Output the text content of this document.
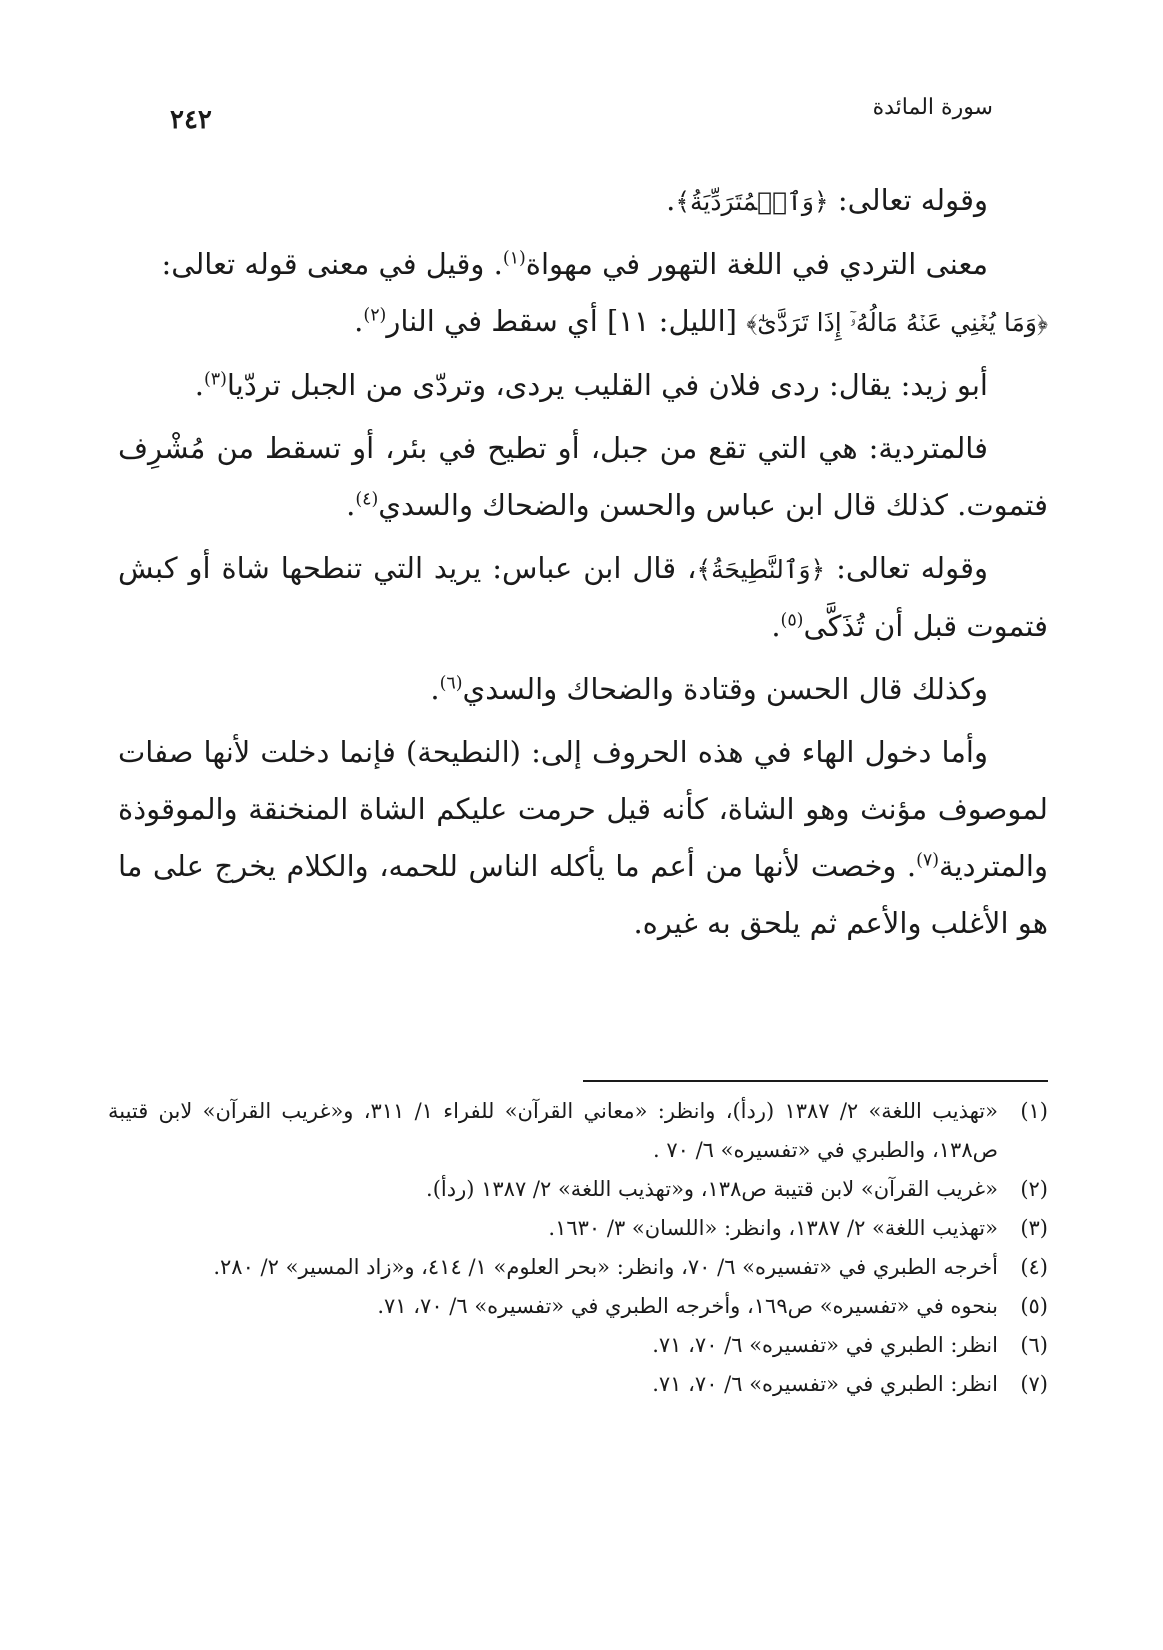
سورة المائدة
٢٤٢

وقوله تعالى: ﴿وَٱلۡمُتَرَدِّيَةُ﴾.

معنى التردي في اللغة التهور في مهواة$^{(١)}$. وقيل في معنى قوله تعالى:
﴿وَمَا يُغۡنِي عَنۡهُ مَالُهُۥٓ إِذَا تَرَدَّىٰٓ﴾ [الليل: ١١] أي سقط في النار$^{(٢)}$.

أبو زيد: يقال: ردى فلان في القليب يردى، وتردّى من الجبل تردّيا$^{(٣)}$.

فالمتردية: هي التي تقع من جبل، أو تطيح في بئر، أو تسقط من مُشْرِف فتموت. كذلك قال ابن عباس والحسن والضحاك والسدي$^{(٤)}$.

وقوله تعالى: ﴿وَٱلنَّطِيحَةُ﴾، قال ابن عباس: يريد التي تنطحها شاة أو كبش فتموت قبل أن تُذَكَّى$^{(٥)}$.

وكذلك قال الحسن وقتادة والضحاك والسدي$^{(٦)}$.

وأما دخول الهاء في هذه الحروف إلى: (النطيحة) فإنما دخلت لأنها صفات لموصوف مؤنث وهو الشاة، كأنه قيل حرمت عليكم الشاة المنخنقة والموقوذة والمتردية$^{(٧)}$. وخصت لأنها من أعم ما يأكله الناس للحمه، والكلام يخرج على ما هو الأغلب والأعم ثم يلحق به غيره.

(١)
«تهذيب اللغة» ٢/ ١٣٨٧ (ردأ)، وانظر: «معاني القرآن» للفراء ١/ ٣١١، و«غريب القرآن» لابن قتيبة ص١٣٨، والطبري في «تفسيره» ٦/ ٧٠ .
(٢)
«غريب القرآن» لابن قتيبة ص١٣٨، و«تهذيب اللغة» ٢/ ١٣٨٧ (ردأ).
(٣)
«تهذيب اللغة» ٢/ ١٣٨٧، وانظر: «اللسان» ٣/ ١٦٣٠.
(٤)
أخرجه الطبري في «تفسيره» ٦/ ٧٠، وانظر: «بحر العلوم» ١/ ٤١٤، و«زاد المسير» ٢/ ٢٨٠.
(٥)
بنحوه في «تفسيره» ص١٦٩، وأخرجه الطبري في «تفسيره» ٦/ ٧٠، ٧١.
(٦)
انظر: الطبري في «تفسيره» ٦/ ٧٠، ٧١.
(٧)
انظر: الطبري في «تفسيره» ٦/ ٧٠، ٧١.
